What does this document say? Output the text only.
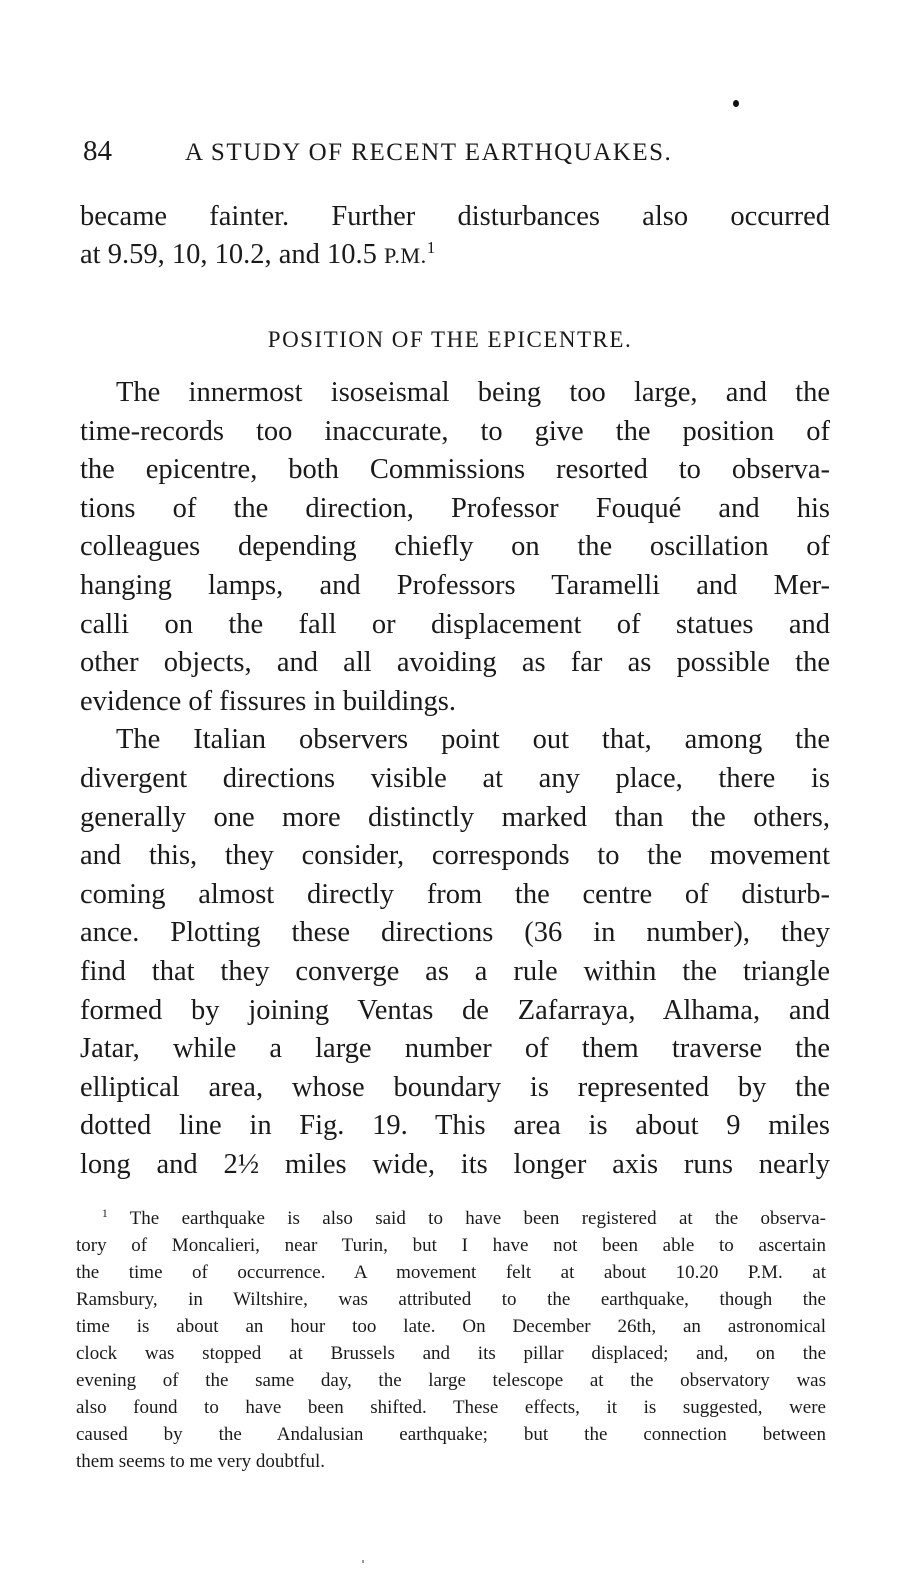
84	A STUDY OF RECENT EARTHQUAKES.
became fainter. Further disturbances also occurred
at 9.59, 10, 10.2, and 10.5 P.M.$^1$
POSITION OF THE EPICENTRE.
The innermost isoseismal being too large, and the
time-records too inaccurate, to give the position of
the epicentre, both Commissions resorted to observa-
tions of the direction, Professor Fouqué and his
colleagues depending chiefly on the oscillation of
hanging lamps, and Professors Taramelli and Mer-
calli on the fall or displacement of statues and
other objects, and all avoiding as far as possible the
evidence of fissures in buildings.
The Italian observers point out that, among the
divergent directions visible at any place, there is
generally one more distinctly marked than the others,
and this, they consider, corresponds to the movement
coming almost directly from the centre of disturb-
ance. Plotting these directions (36 in number), they
find that they converge as a rule within the triangle
formed by joining Ventas de Zafarraya, Alhama, and
Jatar, while a large number of them traverse the
elliptical area, whose boundary is represented by the
dotted line in Fig. 19. This area is about 9 miles
long and 2½ miles wide, its longer axis runs nearly
$^1$ The earthquake is also said to have been registered at the observa-
tory of Moncalieri, near Turin, but I have not been able to ascertain
the time of occurrence. A movement felt at about 10.20 P.M. at
Ramsbury, in Wiltshire, was attributed to the earthquake, though the
time is about an hour too late. On December 26th, an astronomical
clock was stopped at Brussels and its pillar displaced; and, on the
evening of the same day, the large telescope at the observatory was
also found to have been shifted. These effects, it is suggested, were
caused by the Andalusian earthquake; but the connection between
them seems to me very doubtful.
